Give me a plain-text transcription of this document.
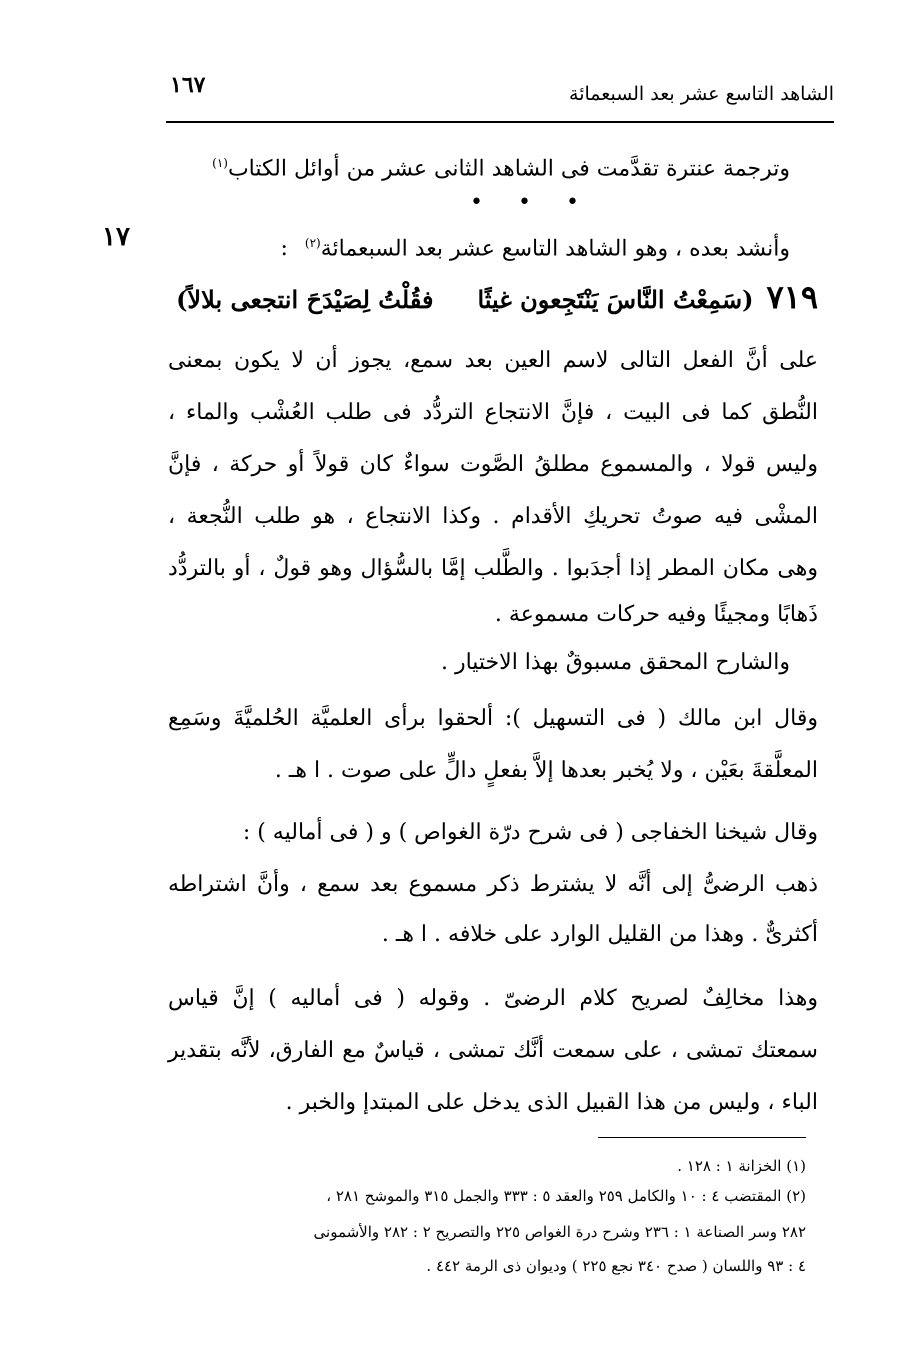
١٦٧	الشاهد التاسع عشر بعد السبعمائة
١٧
وترجمة عنترة تقدَّمت فى الشاهد الثانى عشر من أوائل الكتاب$^{(١)}$
• • •
وأنشد بعده ، وهو الشاهد التاسع عشر بعد السبعمائة$^{(٢)}$ :
٧١٩ (سَمِعْتُ النَّاسَ يَنْتَجِعون غيثًا  فقُلْتُ لِصَيْدَحَ انتجعى بلالاً)
على أنَّ الفعل التالى لاسم العين بعد سمع، يجوز أن لا يكون بمعنى
النُّطق كما فى البيت ، فإنَّ الانتجاع التردُّد فى طلب العُشْب والماء ،
وليس قولا ، والمسموع مطلقُ الصَّوت سواءٌ كان قولاً أو حركة ، فإنَّ
المشْى فيه صوتُ تحريكِ الأقدام . وكذا الانتجاع ، هو طلب النُّجعة ،
وهى مكان المطر إذا أجدَبوا . والطَّلب إمَّا بالسُّؤال وهو قولٌ ، أو بالتردُّد
ذَهابًا ومجيئًا وفيه حركات مسموعة .
والشارح المحقق مسبوقٌ بهذا الاختيار .
وقال ابن مالك ( فى التسهيل ): ألحقوا برأى العلميَّة الحُلميَّةَ وسَمِع
المعلَّقةَ بعَيْن ، ولا يُخبر بعدها إلاَّ بفعلٍ دالٍّ على صوت . ا هـ .
وقال شيخنا الخفاجى ( فى شرح درّة الغواص ) و ( فى أماليه ) :
ذهب الرضىُّ إلى أنَّه لا يشترط ذكر مسموع بعد سمع ، وأنَّ اشتراطه
أكثرىٌّ . وهذا من القليل الوارد على خلافه . ا هـ .
وهذا مخالِفٌ لصريح كلام الرضىّ . وقوله ( فى أماليه ) إنَّ قياس
سمعتك تمشى ، على سمعت أنَّك تمشى ، قياسٌ مع الفارق، لأنَّه بتقدير
الباء ، وليس من هذا القبيل الذى يدخل على المبتدإ والخبر .
(١) الخزانة ١ : ١٢٨ .
(٢) المقتضب ٤ : ١٠ والكامل ٢٥٩ والعقد ٥ : ٣٣٣ والجمل ٣١٥ والموشح ٢٨١ ،
٢٨٢ وسر الصناعة ١ : ٢٣٦ وشرح درة الغواص ٢٢٥ والتصريح ٢ : ٢٨٢ والأشمونى
٤ : ٩٣ واللسان ( صدح ٣٤٠ نجع ٢٢٥ ) وديوان ذى الرمة ٤٤٢ .
